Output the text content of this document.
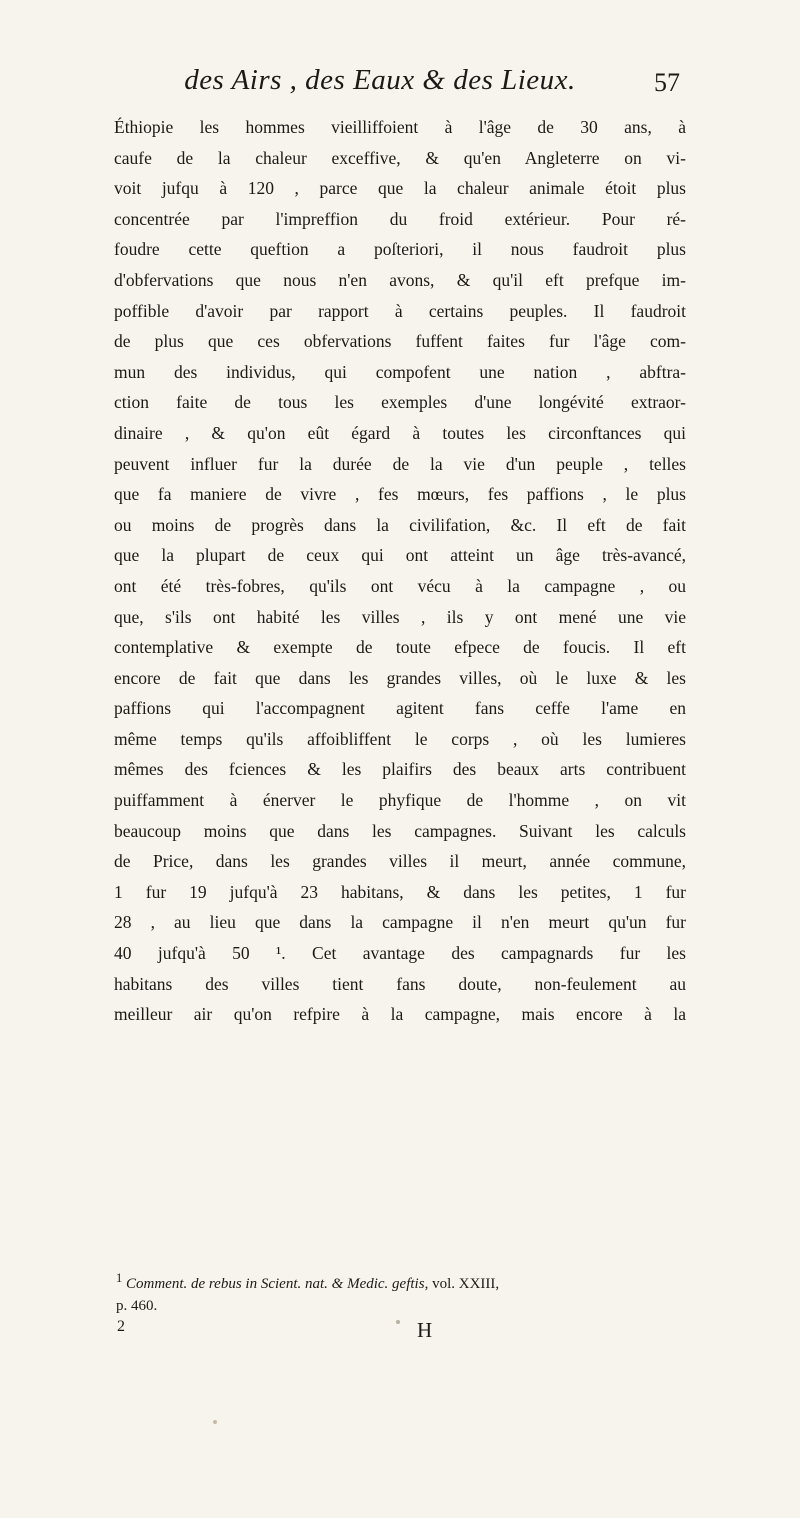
des Airs , des Eaux & des Lieux.	57
Éthiopie les hommes vieilliffoient à l'âge de 30 ans, à
caufe de la chaleur exceffive, & qu'en Angleterre on vi-
voit jufqu à 120 , parce que la chaleur animale étoit plus
concentrée par l'impreffion du froid extérieur. Pour ré-
foudre cette queftion a poſteriori, il nous faudroit plus
d'obfervations que nous n'en avons, & qu'il eft prefque im-
poffible d'avoir par rapport à certains peuples. Il faudroit
de plus que ces obfervations fuffent faites fur l'âge com-
mun des individus, qui compofent une nation , abftra-
ction faite de tous les exemples d'une longévité extraor-
dinaire , & qu'on eût égard à toutes les circonftances qui
peuvent influer fur la durée de la vie d'un peuple , telles
que fa maniere de vivre , fes mœurs, fes paffions , le plus
ou moins de progrès dans la civilifation, &c. Il eft de fait
que la plupart de ceux qui ont atteint un âge très-avancé,
ont été très-fobres, qu'ils ont vécu à la campagne , ou
que, s'ils ont habité les villes , ils y ont mené une vie
contemplative & exempte de toute efpece de foucis. Il eft
encore de fait que dans les grandes villes, où le luxe & les
paffions qui l'accompagnent agitent fans ceffe l'ame en
même temps qu'ils affoibliffent le corps , où les lumieres
mêmes des fciences & les plaifirs des beaux arts contribuent
puiffamment à énerver le phyfique de l'homme , on vit
beaucoup moins que dans les campagnes. Suivant les calculs
de Price, dans les grandes villes il meurt, année commune,
1 fur 19 jufqu'à 23 habitans, & dans les petites, 1 fur
28 , au lieu que dans la campagne il n'en meurt qu'un fur
40 jufqu'à 50 ¹. Cet avantage des campagnards fur les
habitans des villes tient fans doute, non-feulement au
meilleur air qu'on refpire à la campagne, mais encore à la
$^1$ Comment. de rebus in Scient. nat. & Medic. geftis, vol. XXIII,
p. 460.
2	H
